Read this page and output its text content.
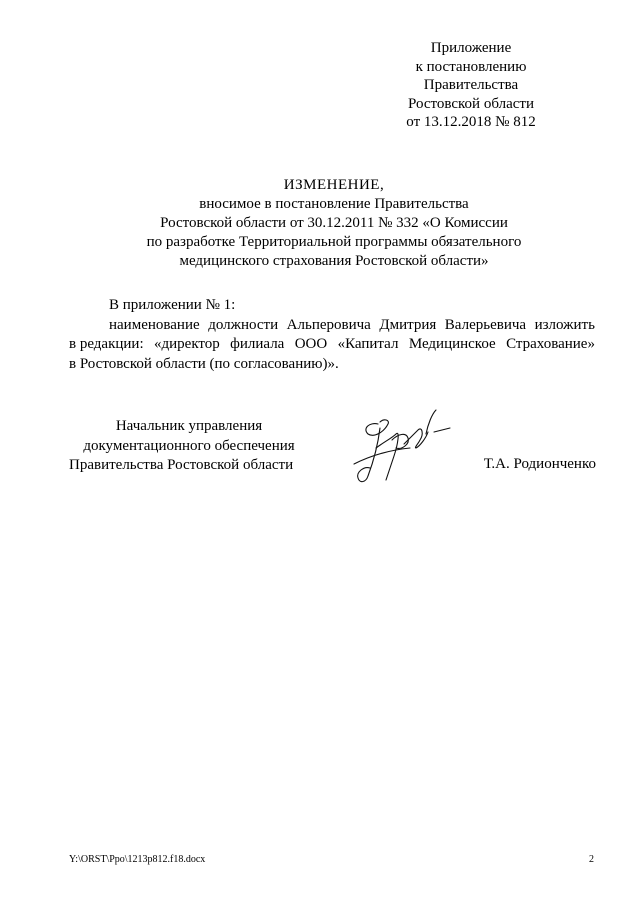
Приложение
к постановлению
Правительства
Ростовской области
от 13.12.2018 № 812
ИЗМЕНЕНИЕ,
вносимое в постановление Правительства
Ростовской области от 30.12.2011 № 332 «О Комиссии
по разработке Территориальной программы обязательного
медицинского страхования Ростовской области»
В приложении № 1:
наименование должности Альперовича Дмитрия Валерьевича изложить
в редакции: «директор филиала ООО «Капитал Медицинское Страхование»
в Ростовской области (по согласованию)».
Начальник управления
документационного обеспечения
Правительства Ростовской области	Т.А. Родионченко
Y:\ORST\Ppo\1213p812.f18.docx	2
